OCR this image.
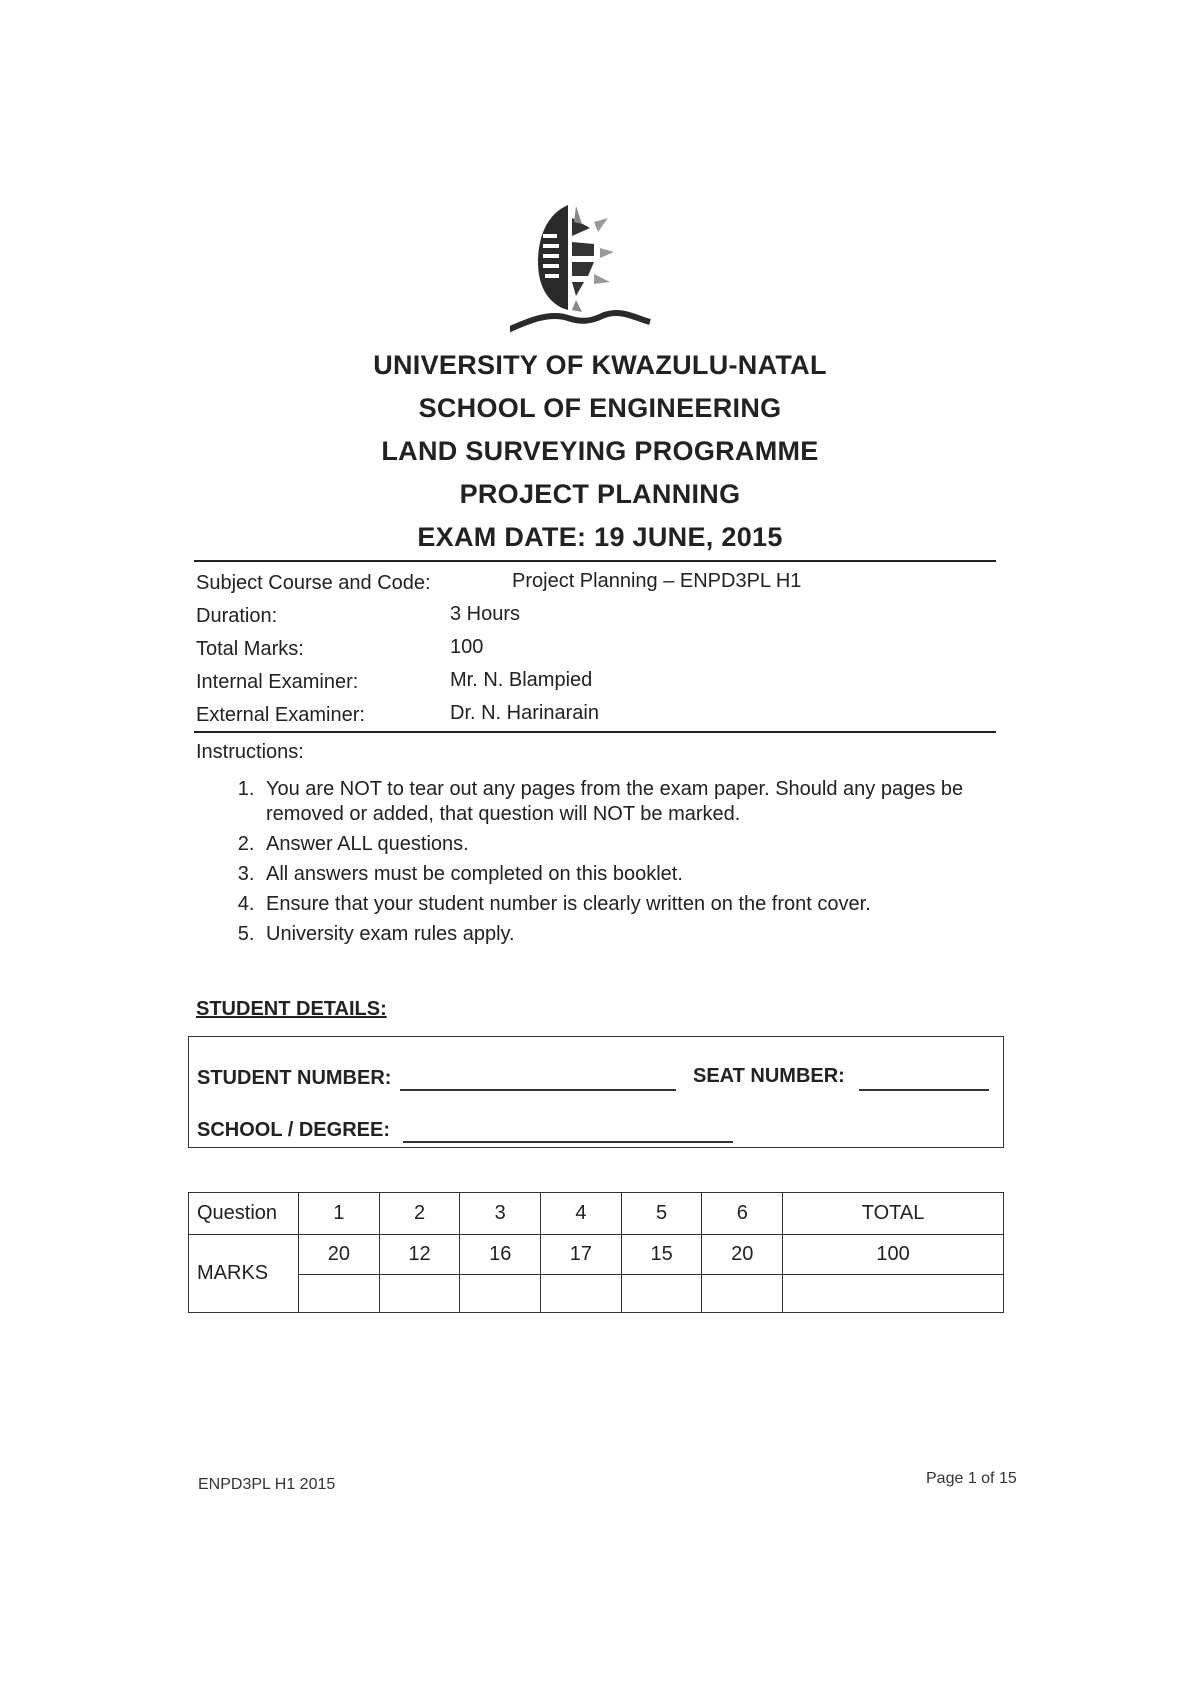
UNIVERSITY OF KWAZULU-NATAL
SCHOOL OF ENGINEERING
LAND SURVEYING PROGRAMME
PROJECT PLANNING
EXAM DATE: 19 JUNE, 2015
Subject Course and Code:	Project Planning – ENPD3PL H1
Duration:	3 Hours
Total Marks:	100
Internal Examiner:	Mr. N. Blampied
External Examiner:	Dr. N. Harinarain
Instructions:
1. You are NOT to tear out any pages from the exam paper. Should any pages be removed or added, that question will NOT be marked.
2. Answer ALL questions.
3. All answers must be completed on this booklet.
4. Ensure that your student number is clearly written on the front cover.
5. University exam rules apply.
STUDENT DETAILS:
STUDENT NUMBER:	SEAT NUMBER:
SCHOOL / DEGREE:
Question	1	2	3	4	5	6	TOTAL
MARKS	20	12	16	17	15	20	100

ENPD3PL H1 2015	Page 1 of 15
